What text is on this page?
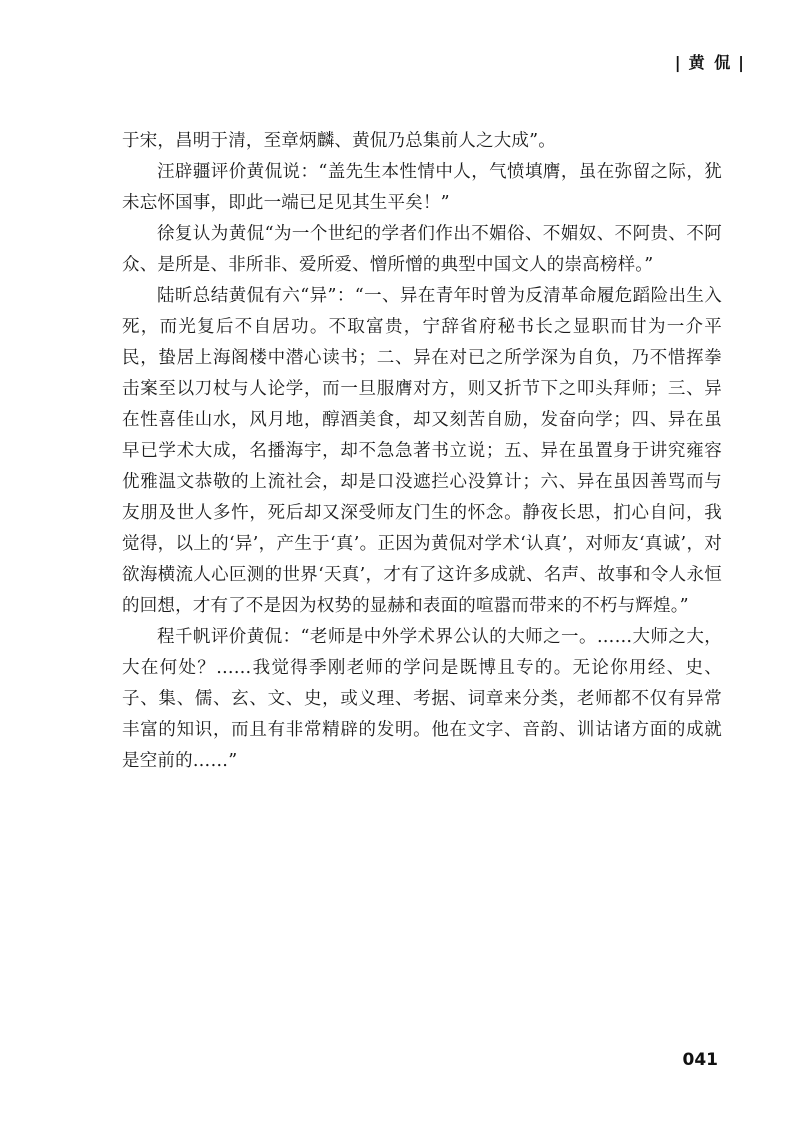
| 黄 侃 |

于宋，昌明于清，至章炳麟、黄侃乃总集前人之大成”。

汪辟疆评价黄侃说：“盖先生本性情中人，气愤填膺，虽在弥留之际，犹未忘怀国事，即此一端已足见其生平矣！”

徐复认为黄侃“为一个世纪的学者们作出不媚俗、不媚奴、不阿贵、不阿众、是所是、非所非、爱所爱、憎所憎的典型中国文人的崇高榜样。”

陆昕总结黄侃有六“异”：“一、异在青年时曾为反清革命履危蹈险出生入死，而光复后不自居功。不取富贵，宁辞省府秘书长之显职而甘为一介平民，蛰居上海阁楼中潜心读书；二、异在对已之所学深为自负，乃不惜挥拳击案至以刀杖与人论学，而一旦服膺对方，则又折节下之叩头拜师；三、异在性喜佳山水，风月地，醇酒美食，却又刻苦自励，发奋向学；四、异在虽早已学术大成，名播海宇，却不急急著书立说；五、异在虽置身于讲究雍容优雅温文恭敬的上流社会，却是口没遮拦心没算计；六、异在虽因善骂而与友朋及世人多忤，死后却又深受师友门生的怀念。静夜长思，扪心自问，我觉得，以上的‘异’，产生于‘真’。正因为黄侃对学术‘认真’，对师友‘真诚’，对欲海横流人心叵测的世界‘天真’，才有了这许多成就、名声、故事和令人永恒的回想，才有了不是因为权势的显赫和表面的喧嚣而带来的不朽与辉煌。”

程千帆评价黄侃：“老师是中外学术界公认的大师之一。……大师之大，大在何处？……我觉得季刚老师的学问是既博且专的。无论你用经、史、子、集、儒、玄、文、史，或义理、考据、词章来分类，老师都不仅有异常丰富的知识，而且有非常精辟的发明。他在文字、音韵、训诂诸方面的成就是空前的……”

041
